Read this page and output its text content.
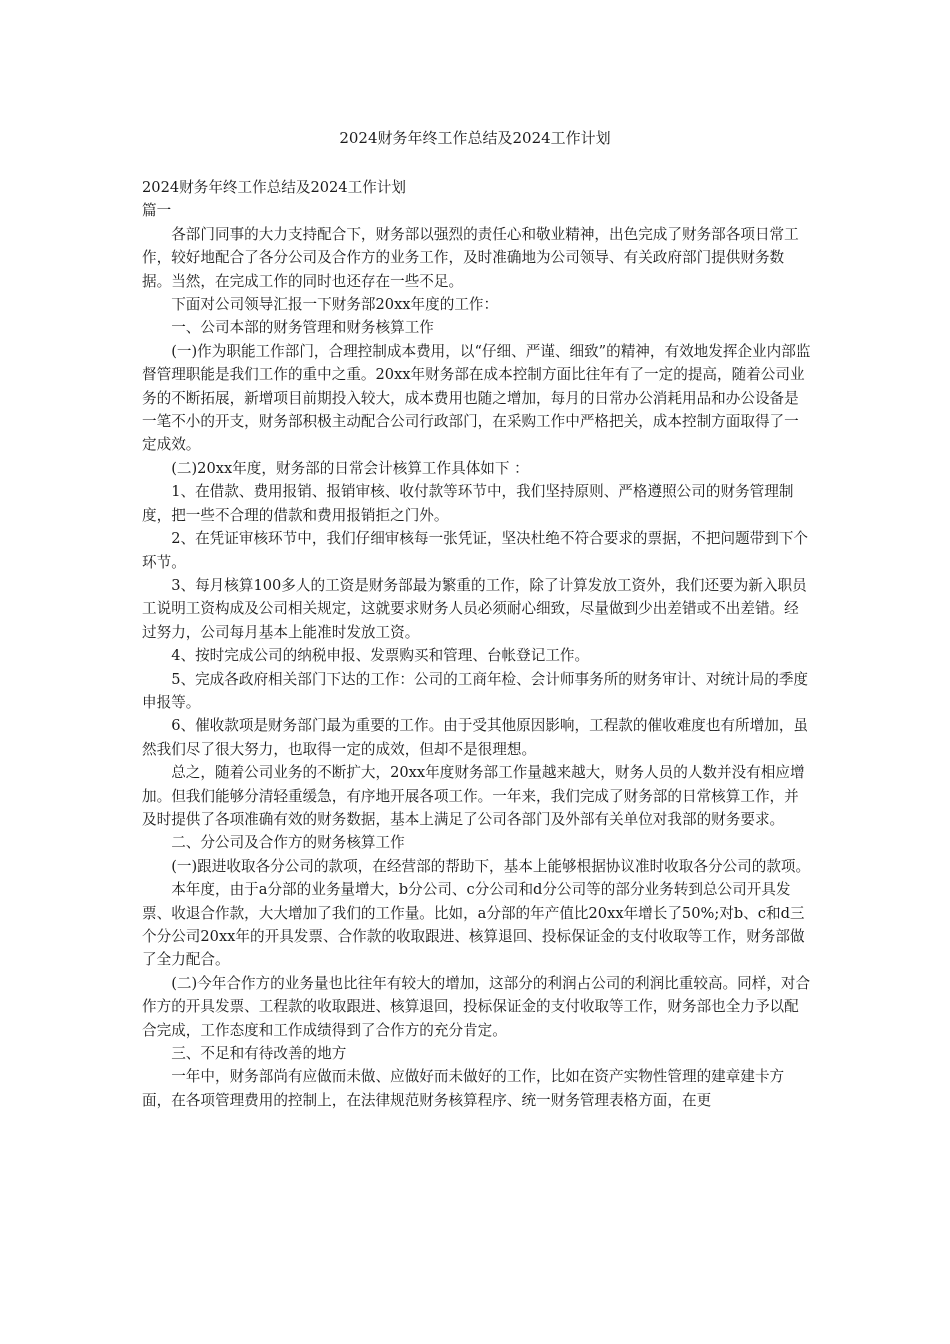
2024财务年终工作总结及2024工作计划

2024财务年终工作总结及2024工作计划

篇一

各部门同事的大力支持配合下，财务部以强烈的责任心和敬业精神，出色完成了财务部各项日常工作，较好地配合了各分公司及合作方的业务工作，及时准确地为公司领导、有关政府部门提供财务数据。当然，在完成工作的同时也还存在一些不足。

下面对公司领导汇报一下财务部20xx年度的工作：

一、公司本部的财务管理和财务核算工作

(一)作为职能工作部门，合理控制成本费用，以“仔细、严谨、细致”的精神，有效地发挥企业内部监督管理职能是我们工作的重中之重。20xx年财务部在成本控制方面比往年有了一定的提高，随着公司业务的不断拓展，新增项目前期投入较大，成本费用也随之增加，每月的日常办公消耗用品和办公设备是一笔不小的开支，财务部积极主动配合公司行政部门，在采购工作中严格把关，成本控制方面取得了一定成效。

(二)20xx年度，财务部的日常会计核算工作具体如下 ：

1、在借款、费用报销、报销审核、收付款等环节中，我们坚持原则、严格遵照公司的财务管理制度，把一些不合理的借款和费用报销拒之门外。

2、在凭证审核环节中，我们仔细审核每一张凭证，坚决杜绝不符合要求的票据，不把问题带到下个环节。

3、每月核算100多人的工资是财务部最为繁重的工作，除了计算发放工资外，我们还要为新入职员工说明工资构成及公司相关规定，这就要求财务人员必须耐心细致，尽量做到少出差错或不出差错。经过努力，公司每月基本上能准时发放工资。

4、按时完成公司的纳税申报、发票购买和管理、台帐登记工作。

5、完成各政府相关部门下达的工作：公司的工商年检、会计师事务所的财务审计、对统计局的季度申报等。

6、催收款项是财务部门最为重要的工作。由于受其他原因影响，工程款的催收难度也有所增加，虽然我们尽了很大努力，也取得一定的成效，但却不是很理想。

总之，随着公司业务的不断扩大，20xx年度财务部工作量越来越大，财务人员的人数并没有相应增加。但我们能够分清轻重缓急，有序地开展各项工作。一年来，我们完成了财务部的日常核算工作，并及时提供了各项准确有效的财务数据，基本上满足了公司各部门及外部有关单位对我部的财务要求。

二、分公司及合作方的财务核算工作

(一)跟进收取各分公司的款项，在经营部的帮助下，基本上能够根据协议准时收取各分公司的款项。

本年度，由于a分部的业务量增大，b分公司、c分公司和d分公司等的部分业务转到总公司开具发票、收退合作款，大大增加了我们的工作量。比如，a分部的年产值比20xx年增长了50%;对b、c和d三个分公司20xx年的开具发票、合作款的收取跟进、核算退回、投标保证金的支付收取等工作，财务部做了全力配合。

(二)今年合作方的业务量也比往年有较大的增加，这部分的利润占公司的利润比重较高。同样，对合作方的开具发票、工程款的收取跟进、核算退回，投标保证金的支付收取等工作，财务部也全力予以配合完成，工作态度和工作成绩得到了合作方的充分肯定。

三、不足和有待改善的地方

一年中，财务部尚有应做而未做、应做好而未做好的工作，比如在资产实物性管理的建章建卡方面，在各项管理费用的控制上，在法律规范财务核算程序、统一财务管理表格方面，在更
